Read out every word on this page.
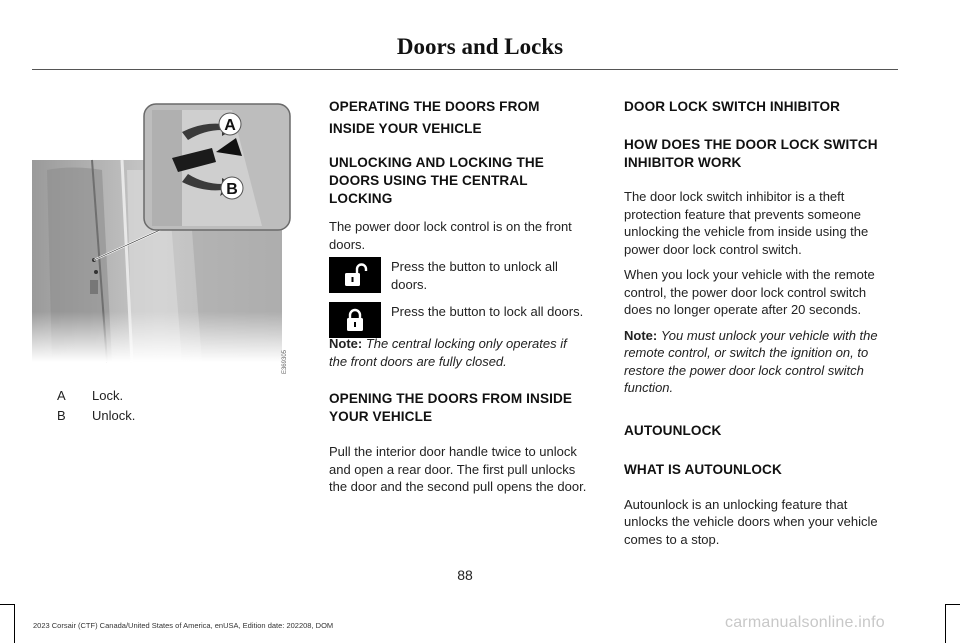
Doors and Locks
A
B
E369305
A Lock.
B Unlock.
OPERATING THE DOORS FROM
INSIDE YOUR VEHICLE
UNLOCKING AND LOCKING THE
DOORS USING THE CENTRAL
LOCKING

The power door lock control is on the front
doors.

Press the button to unlock all
doors.
Press the button to lock all doors.

Note: The central locking only operates if
the front doors are fully closed.

OPENING THE DOORS FROM INSIDE
YOUR VEHICLE

Pull the interior door handle twice to unlock
and open a rear door. The first pull unlocks
the door and the second pull opens the door.

DOOR LOCK SWITCH INHIBITOR
HOW DOES THE DOOR LOCK SWITCH
INHIBITOR WORK

The door lock switch inhibitor is a theft
protection feature that prevents someone
unlocking the vehicle from inside using the
power door lock control switch.

When you lock your vehicle with the remote
control, the power door lock control switch
does no longer operate after 20 seconds.

Note: You must unlock your vehicle with the
remote control, or switch the ignition on, to
restore the power door lock control switch
function.

AUTOUNLOCK
WHAT IS AUTOUNLOCK

Autounlock is an unlocking feature that
unlocks the vehicle doors when your vehicle
comes to a stop.

88
2023 Corsair (CTF) Canada/United States of America, enUSA, Edition date: 202208, DOM	carmanualsonline.info
